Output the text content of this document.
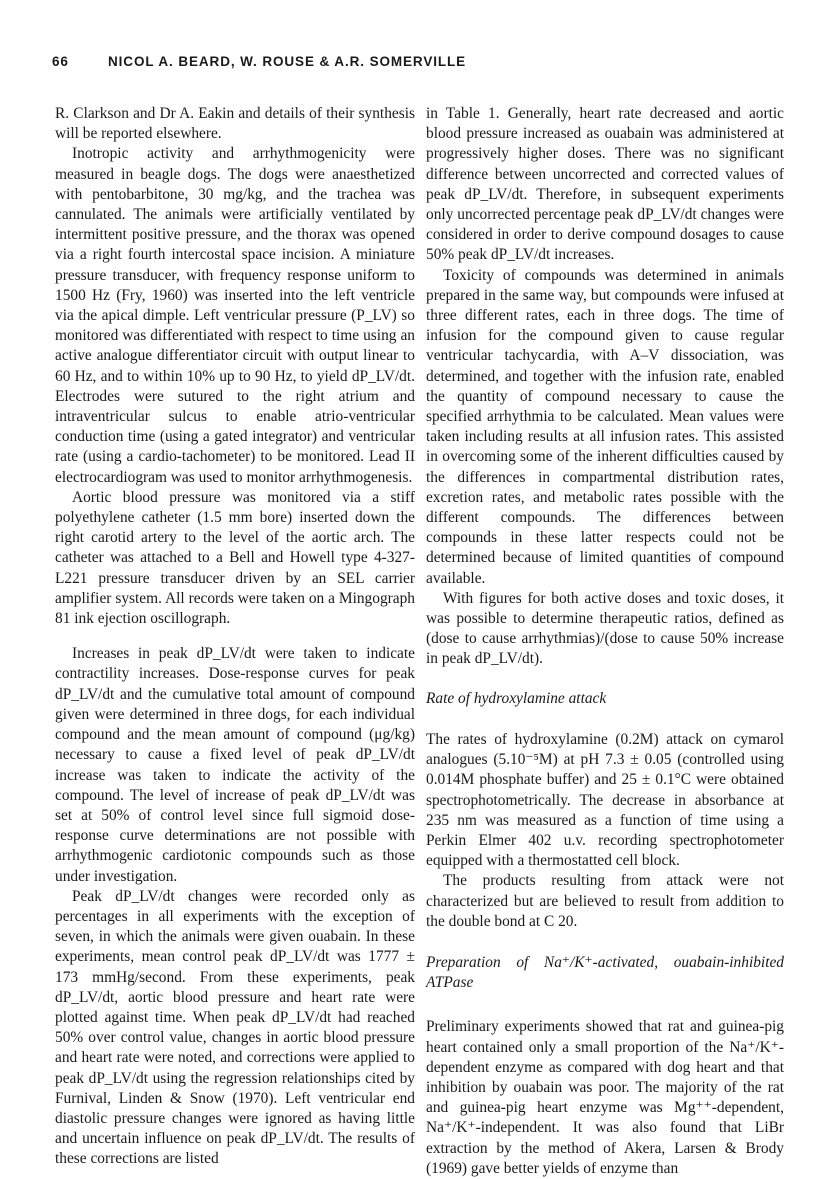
66	NICOL A. BEARD, W. ROUSE & A.R. SOMERVILLE

R. Clarkson and Dr A. Eakin and details of their synthesis will be reported elsewhere.

Inotropic activity and arrhythmogenicity were measured in beagle dogs. The dogs were anaesthetized with pentobarbitone, 30 mg/kg, and the trachea was cannulated. The animals were artificially ventilated by intermittent positive pressure, and the thorax was opened via a right fourth intercostal space incision. A miniature pressure transducer, with frequency response uniform to 1500 Hz (Fry, 1960) was inserted into the left ventricle via the apical dimple. Left ventricular pressure (P_LV) so monitored was differentiated with respect to time using an active analogue differentiator circuit with output linear to 60 Hz, and to within 10% up to 90 Hz, to yield dP_LV/dt. Electrodes were sutured to the right atrium and intraventricular sulcus to enable atrio-ventricular conduction time (using a gated integrator) and ventricular rate (using a cardio-tachometer) to be monitored. Lead II electrocardiogram was used to monitor arrhythmogenesis.

Aortic blood pressure was monitored via a stiff polyethylene catheter (1.5 mm bore) inserted down the right carotid artery to the level of the aortic arch. The catheter was attached to a Bell and Howell type 4-327-L221 pressure transducer driven by an SEL carrier amplifier system. All records were taken on a Mingograph 81 ink ejection oscillograph.

Increases in peak dP_LV/dt were taken to indicate contractility increases. Dose-response curves for peak dP_LV/dt and the cumulative total amount of compound given were determined in three dogs, for each individual compound and the mean amount of compound (μg/kg) necessary to cause a fixed level of peak dP_LV/dt increase was taken to indicate the activity of the compound. The level of increase of peak dP_LV/dt was set at 50% of control level since full sigmoid dose-response curve determinations are not possible with arrhythmogenic cardiotonic compounds such as those under investigation.

Peak dP_LV/dt changes were recorded only as percentages in all experiments with the exception of seven, in which the animals were given ouabain. In these experiments, mean control peak dP_LV/dt was 1777 ± 173 mmHg/second. From these experiments, peak dP_LV/dt, aortic blood pressure and heart rate were plotted against time. When peak dP_LV/dt had reached 50% over control value, changes in aortic blood pressure and heart rate were noted, and corrections were applied to peak dP_LV/dt using the regression relationships cited by Furnival, Linden & Snow (1970). Left ventricular end diastolic pressure changes were ignored as having little and uncertain influence on peak dP_LV/dt. The results of these corrections are listed

in Table 1. Generally, heart rate decreased and aortic blood pressure increased as ouabain was administered at progressively higher doses. There was no significant difference between uncorrected and corrected values of peak dP_LV/dt. Therefore, in subsequent experiments only uncorrected percentage peak dP_LV/dt changes were considered in order to derive compound dosages to cause 50% peak dP_LV/dt increases.

Toxicity of compounds was determined in animals prepared in the same way, but compounds were infused at three different rates, each in three dogs. The time of infusion for the compound given to cause regular ventricular tachycardia, with A–V dissociation, was determined, and together with the infusion rate, enabled the quantity of compound necessary to cause the specified arrhythmia to be calculated. Mean values were taken including results at all infusion rates. This assisted in overcoming some of the inherent difficulties caused by the differences in compartmental distribution rates, excretion rates, and metabolic rates possible with the different compounds. The differences between compounds in these latter respects could not be determined because of limited quantities of compound available.

With figures for both active doses and toxic doses, it was possible to determine therapeutic ratios, defined as (dose to cause arrhythmias)/(dose to cause 50% increase in peak dP_LV/dt).

Rate of hydroxylamine attack

The rates of hydroxylamine (0.2M) attack on cymarol analogues (5.10⁻⁵M) at pH 7.3 ± 0.05 (controlled using 0.014M phosphate buffer) and 25 ± 0.1°C were obtained spectrophotometrically. The decrease in absorbance at 235 nm was measured as a function of time using a Perkin Elmer 402 u.v. recording spectrophotometer equipped with a thermostatted cell block.

The products resulting from attack were not characterized but are believed to result from addition to the double bond at C 20.

Preparation of Na⁺/K⁺-activated, ouabain-inhibited ATPase

Preliminary experiments showed that rat and guinea-pig heart contained only a small proportion of the Na⁺/K⁺-dependent enzyme as compared with dog heart and that inhibition by ouabain was poor. The majority of the rat and guinea-pig heart enzyme was Mg⁺⁺-dependent, Na⁺/K⁺-independent. It was also found that LiBr extraction by the method of Akera, Larsen & Brody (1969) gave better yields of enzyme than
